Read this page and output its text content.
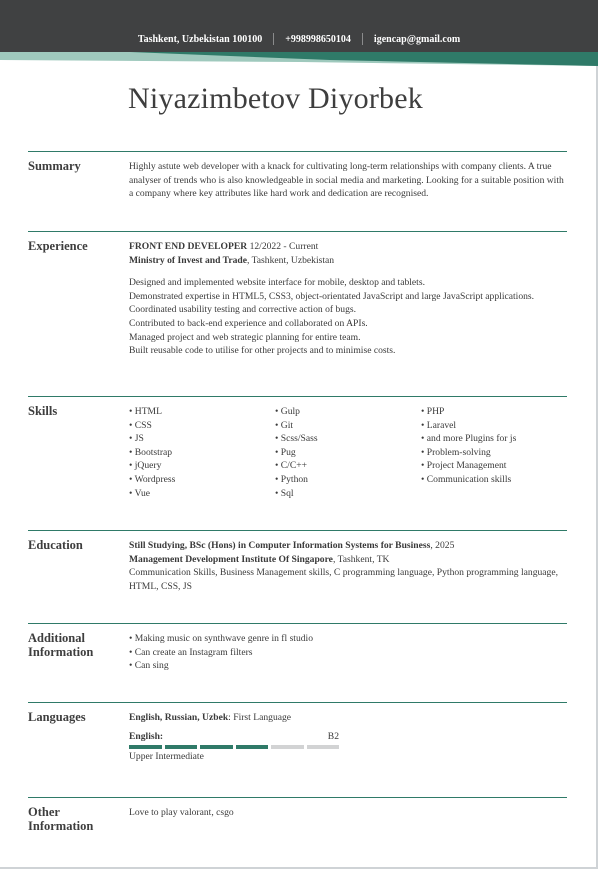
Tashkent, Uzbekistan 100100	+998998650104	igencap@gmail.com
Niyazimbetov Diyorbek
Summary	Highly astute web developer with a knack for cultivating long-term relationships with company clients. A true analyser of trends who is also knowledgeable in social media and marketing. Looking for a suitable position with a company where key attributes like hard work and dedication are recognised.

Experience	FRONT END DEVELOPER 12/2022 - Current

Ministry of Invest and Trade, Tashkent, Uzbekistan

Designed and implemented website interface for mobile, desktop and tablets.

Demonstrated expertise in HTML5, CSS3, object-orientated JavaScript and large JavaScript applications.

Coordinated usability testing and corrective action of bugs.

Contributed to back-end experience and collaborated on APIs.

Managed project and web strategic planning for entire team.

Built reusable code to utilise for other projects and to minimise costs.

Skills
•	HTML
• CSS
• JS
• Bootstrap
• jQuery
• Wordpress
• Vue
• Gulp
• Git
• Scss/Sass
• Pug
• C/C++
• Python
• Sql
• PHP
• Laravel
• and more Plugins for js
• Problem-solving
• Project Management
• Communication skills
Education	Still Studying, BSc (Hons) in Computer Information Systems for Business, 2025

Management Development Institute Of Singapore, Tashkent, TK

Communication Skills, Business Management skills, C programming language, Python programming language, HTML, CSS, JS

Additional
Information

• Making music on synthwave genre in fl studio

• Can create an Instagram filters

• Can sing

Languages	English, Russian, Uzbek: First Language

English:	B2
Upper Intermediate
Other
Information
Love to play valorant, csgo
